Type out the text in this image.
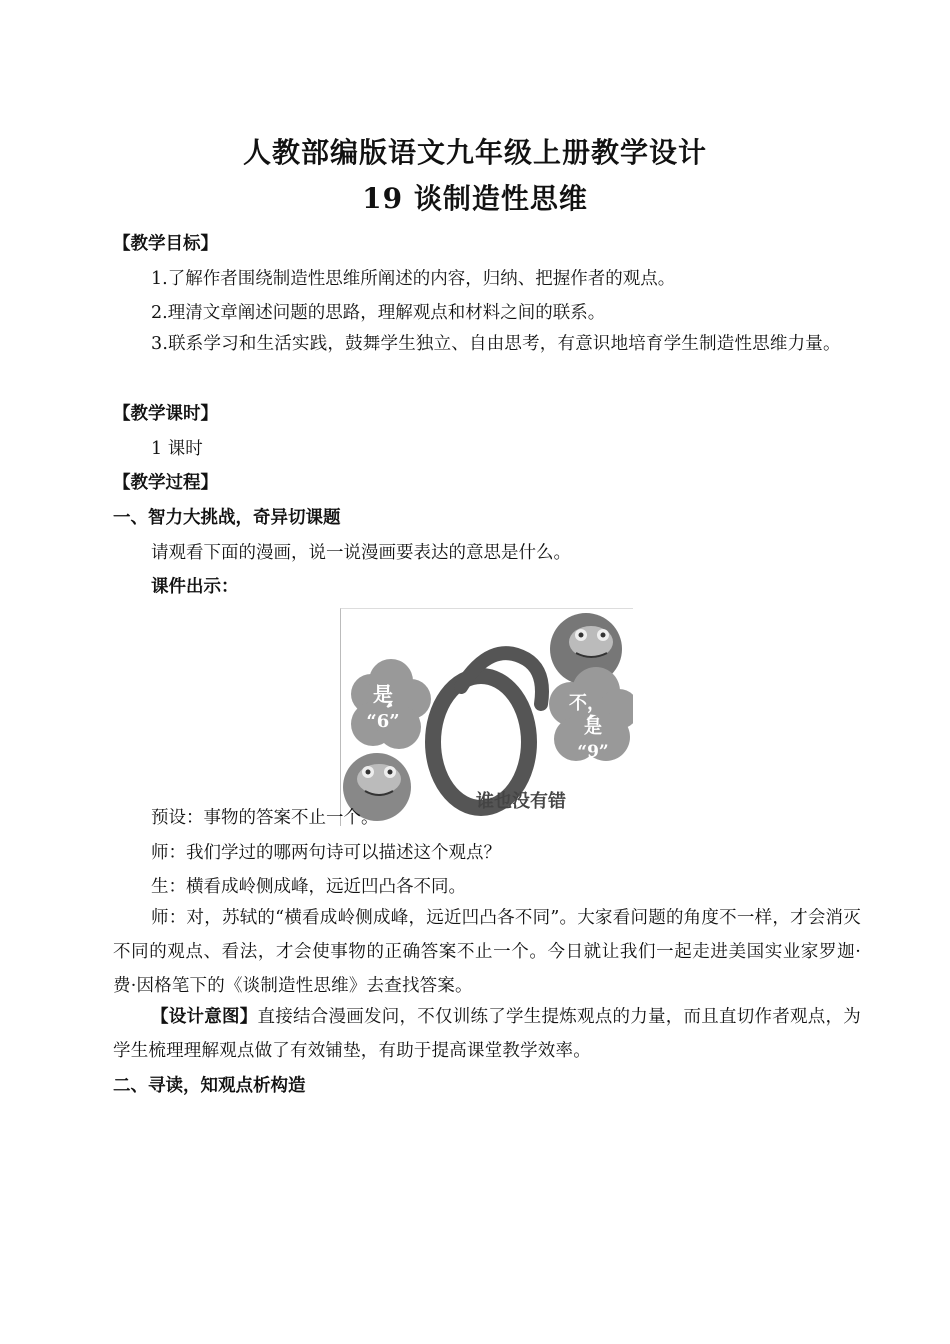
人教部编版语文九年级上册教学设计
19 谈制造性思维
【教学目标】
1.了解作者围绕制造性思维所阐述的内容，归纳、把握作者的观点。
2.理清文章阐述问题的思路，理解观点和材料之间的联系。
3.联系学习和生活实践，鼓舞学生独立、自由思考，有意识地培育学生制造性思维力量。
【教学课时】
1 课时
【教学过程】
一、智力大挑战，奇异切课题
请观看下面的漫画，说一说漫画要表达的意思是什么。
课件出示：
是
“6”
不，
是
“9”
谁也没有错
预设：事物的答案不止一个。
师：我们学过的哪两句诗可以描述这个观点？
生：横看成岭侧成峰，远近凹凸各不同。
师：对，苏轼的“横看成岭侧成峰，远近凹凸各不同”。大家看问题的角度不一样，才会消灭不同的观点、看法，才会使事物的正确答案不止一个。今日就让我们一起走进美国实业家罗迦·费·因格笔下的《谈制造性思维》去查找答案。
【设计意图】直接结合漫画发问，不仅训练了学生提炼观点的力量，而且直切作者观点，为学生梳理理解观点做了有效铺垫，有助于提高课堂教学效率。
二、寻读，知观点析构造
